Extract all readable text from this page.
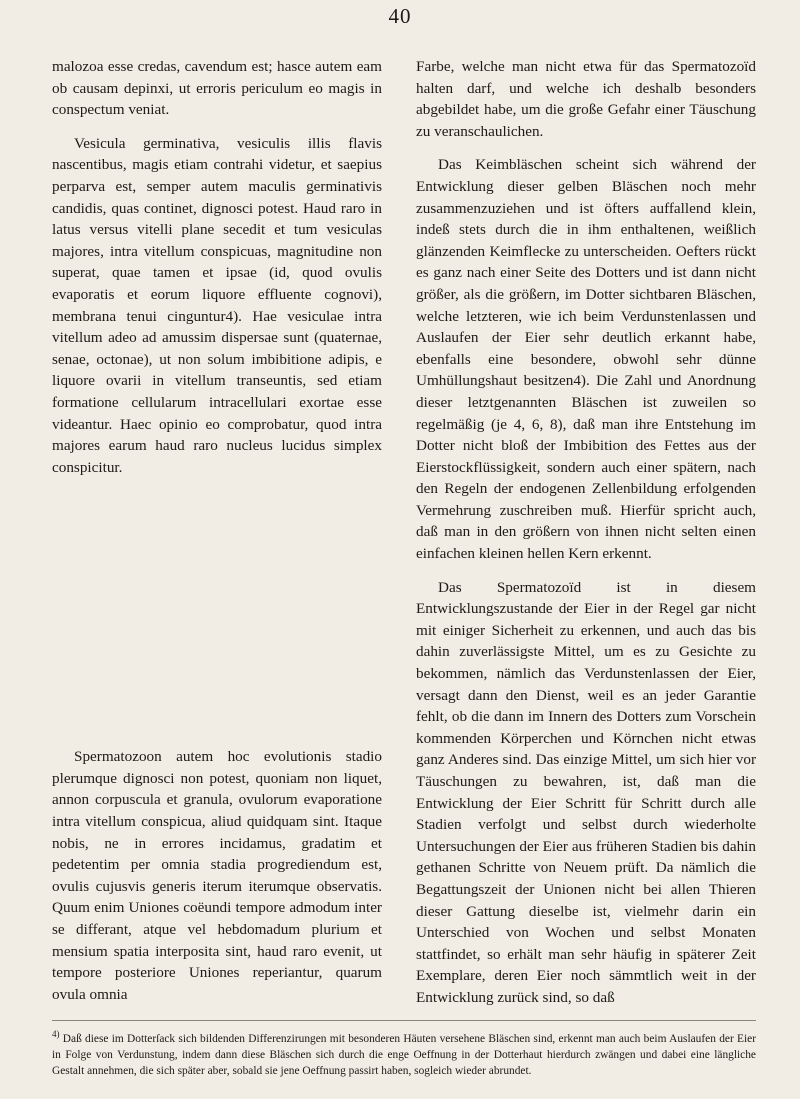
40

malozoa esse credas, cavendum est; hasce autem eam ob causam depinxi, ut erroris periculum eo magis in conspectum veniat.

Vesicula germinativa, vesiculis illis flavis nascentibus, magis etiam contrahi videtur, et saepius perparva est, semper autem maculis germinativis candidis, quas continet, dignosci potest. Haud raro in latus versus vitelli plane secedit et tum vesiculas majores, intra vitellum conspicuas, magnitudine non superat, quae tamen et ipsae (id, quod ovulis evaporatis et eorum liquore effluente cognovi), membrana tenui cinguntur4). Hae vesiculae intra vitellum adeo ad amussim dispersae sunt (quaternae, senae, octonae), ut non solum imbibitione adipis, e liquore ovarii in vitellum transeuntis, sed etiam formatione cellularum intracellulari exortae esse videantur. Haec opinio eo comprobatur, quod intra majores earum haud raro nucleus lucidus simplex conspicitur.

Spermatozoon autem hoc evolutionis stadio plerumque dignosci non potest, quoniam non liquet, annon corpuscula et granula, ovulorum evaporatione intra vitellum conspicua, aliud quidquam sint. Itaque nobis, ne in errores incidamus, gradatim et pedetentim per omnia stadia progrediendum est, ovulis cujusvis generis iterum iterumque observatis. Quum enim Uniones coëundi tempore admodum inter se differant, atque vel hebdomadum plurium et mensium spatia interposita sint, haud raro evenit, ut tempore posteriore Uniones reperiantur, quarum ovula omnia

Farbe, welche man nicht etwa für das Spermatozoïd halten darf, und welche ich deshalb besonders abgebildet habe, um die große Gefahr einer Täuschung zu veranschaulichen.

Das Keimbläschen scheint sich während der Entwicklung dieser gelben Bläschen noch mehr zusammenzuziehen und ist öfters auffallend klein, indeß stets durch die in ihm enthaltenen, weißlich glänzenden Keimflecke zu unterscheiden. Oefters rückt es ganz nach einer Seite des Dotters und ist dann nicht größer, als die größern, im Dotter sichtbaren Bläschen, welche letzteren, wie ich beim Verdunstenlassen und Auslaufen der Eier sehr deutlich erkannt habe, ebenfalls eine besondere, obwohl sehr dünne Umhüllungshaut besitzen4). Die Zahl und Anordnung dieser letztgenannten Bläschen ist zuweilen so regelmäßig (je 4, 6, 8), daß man ihre Entstehung im Dotter nicht bloß der Imbibition des Fettes aus der Eierstockflüssigkeit, sondern auch einer spätern, nach den Regeln der endogenen Zellenbildung erfolgenden Vermehrung zuschreiben muß. Hierfür spricht auch, daß man in den größern von ihnen nicht selten einen einfachen kleinen hellen Kern erkennt.

Das Spermatozoïd ist in diesem Entwicklungszustande der Eier in der Regel gar nicht mit einiger Sicherheit zu erkennen, und auch das bis dahin zuverlässigste Mittel, um es zu Gesichte zu bekommen, nämlich das Verdunstenlassen der Eier, versagt dann den Dienst, weil es an jeder Garantie fehlt, ob die dann im Innern des Dotters zum Vorschein kommenden Körperchen und Körnchen nicht etwas ganz Anderes sind. Das einzige Mittel, um sich hier vor Täuschungen zu bewahren, ist, daß man die Entwicklung der Eier Schritt für Schritt durch alle Stadien verfolgt und selbst durch wiederholte Untersuchungen der Eier aus früheren Stadien bis dahin gethanen Schritte von Neuem prüft. Da nämlich die Begattungszeit der Unionen nicht bei allen Thieren dieser Gattung dieselbe ist, vielmehr darin ein Unterschied von Wochen und selbst Monaten stattfindet, so erhält man sehr häufig in späterer Zeit Exemplare, deren Eier noch sämmtlich weit in der Entwicklung zurück sind, so daß

$^{4)}$ Daß diese im Dotterſack sich bildenden Differenzirungen mit besonderen Häuten versehene Bläschen sind, erkennt man auch beim Auslaufen der Eier in Folge von Verdunstung, indem dann diese Bläschen sich durch die enge Oeffnung in der Dotterhaut hierdurch zwängen und dabei eine längliche Gestalt annehmen, die sich später aber, sobald sie jene Oeffnung passirt haben, sogleich wieder abrundet.
